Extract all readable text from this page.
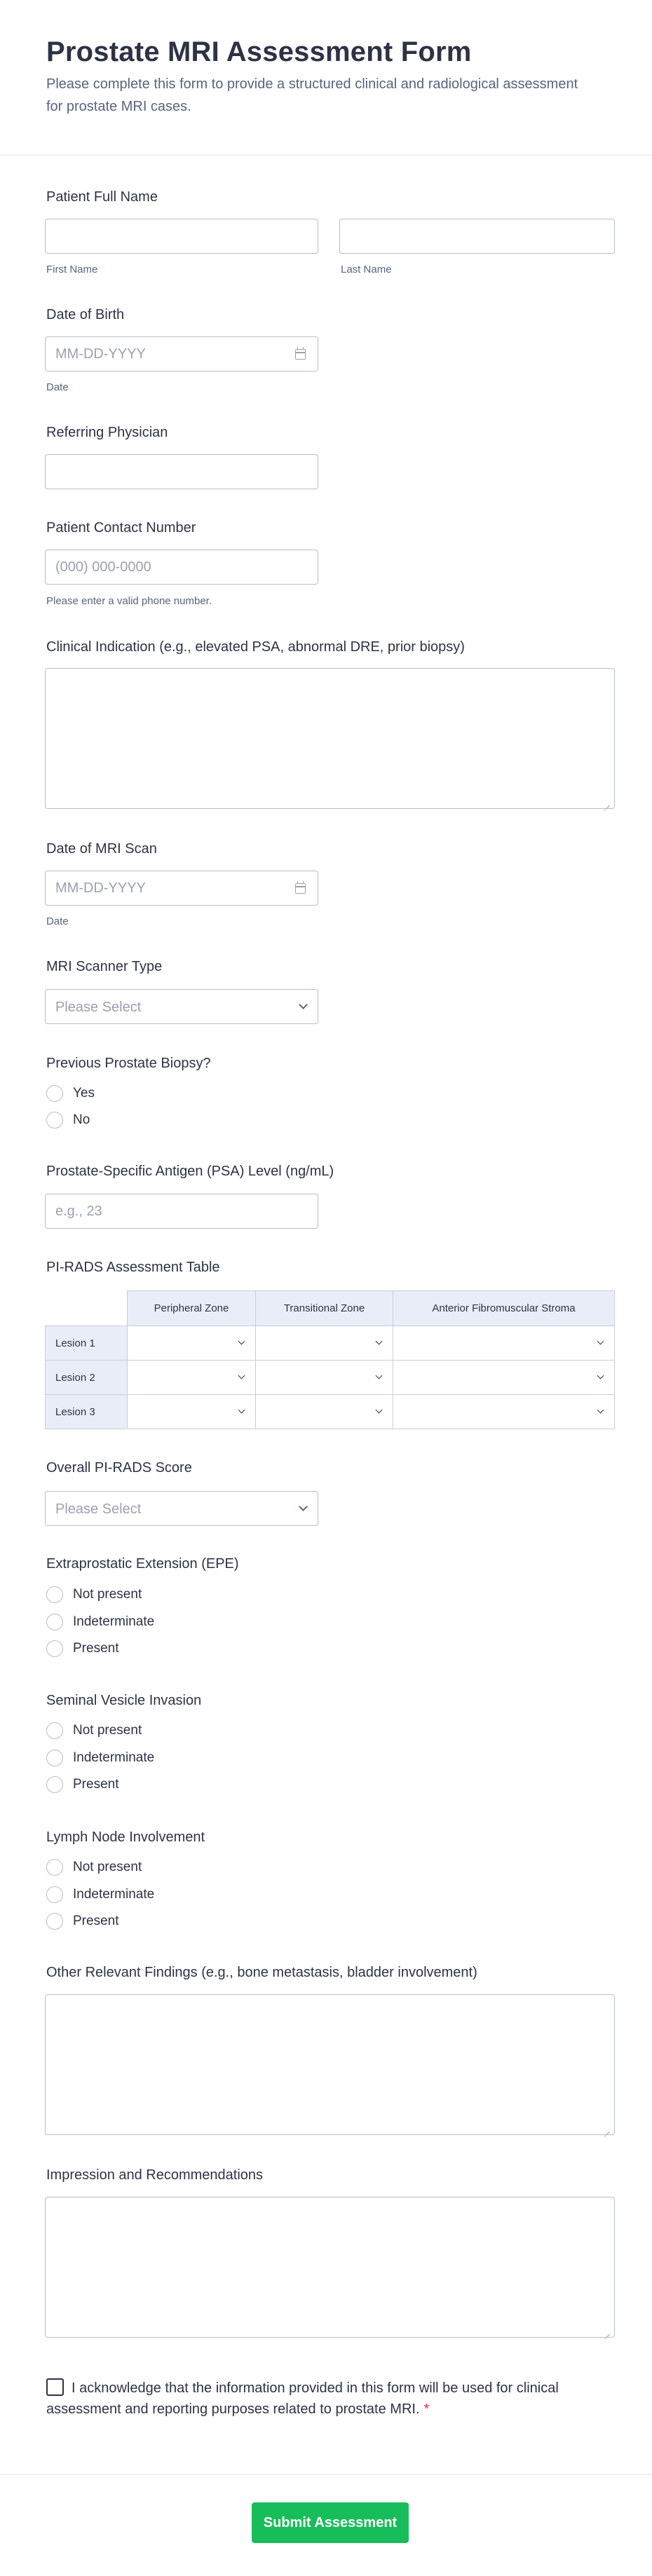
Prostate MRI Assessment Form

Please complete this form to provide a structured clinical and radiological assessment for prostate MRI cases.

Patient Full Name
First Name	Last Name
Date of Birth
MM-DD-YYYY
Date
Referring Physician
Patient Contact Number
(000) 000-0000
Please enter a valid phone number.
Clinical Indication (e.g., elevated PSA, abnormal DRE, prior biopsy)
Date of MRI Scan
MM-DD-YYYY
Date
MRI Scanner Type
Please Select
Previous Prostate Biopsy?
Yes
No
Prostate-Specific Antigen (PSA) Level (ng/mL)
e.g., 23
PI-RADS Assessment Table
	Peripheral Zone	Transitional Zone	Anterior Fibromuscular Stroma
Lesion 1	

Lesion 2	

Lesion 3	

Overall PI-RADS Score
Please Select
Extraprostatic Extension (EPE)
Not present
Indeterminate
Present
Seminal Vesicle Invasion
Not present
Indeterminate
Present
Lymph Node Involvement
Not present
Indeterminate
Present
Other Relevant Findings (e.g., bone metastasis, bladder involvement)
Impression and Recommendations
I acknowledge that the information provided in this form will be used for clinical assessment and reporting purposes related to prostate MRI. *
Submit Assessment
